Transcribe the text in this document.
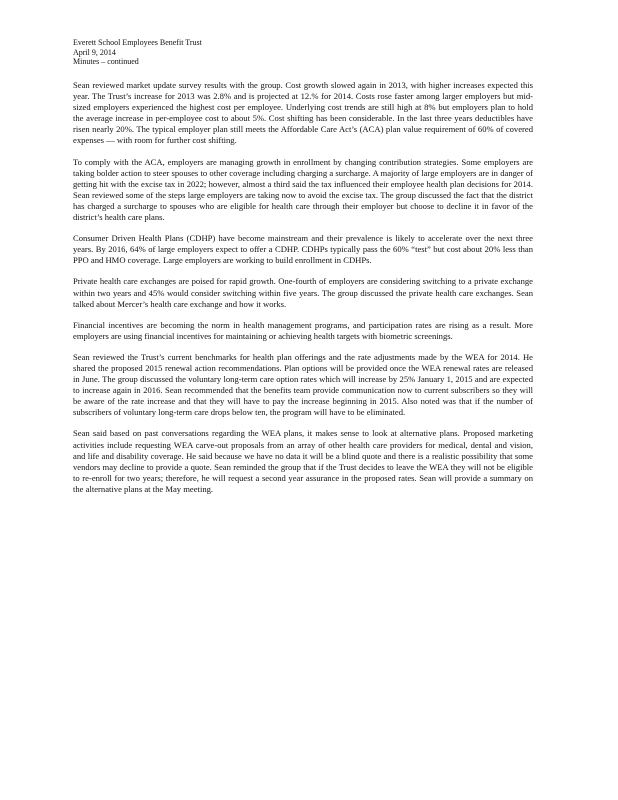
Everett School Employees Benefit Trust
April 9, 2014
Minutes – continued

Sean reviewed market update survey results with the group. Cost growth slowed again in 2013, with higher increases expected this year. The Trust’s increase for 2013 was 2.8% and is projected at 12.% for 2014. Costs rose faster among larger employers but mid-sized employers experienced the highest cost per employee. Underlying cost trends are still high at 8% but employers plan to hold the average increase in per-employee cost to about 5%. Cost shifting has been considerable. In the last three years deductibles have risen nearly 20%. The typical employer plan still meets the Affordable Care Act’s (ACA) plan value requirement of 60% of covered expenses — with room for further cost shifting.

To comply with the ACA, employers are managing growth in enrollment by changing contribution strategies. Some employers are taking bolder action to steer spouses to other coverage including charging a surcharge. A majority of large employers are in danger of getting hit with the excise tax in 2022; however, almost a third said the tax influenced their employee health plan decisions for 2014. Sean reviewed some of the steps large employers are taking now to avoid the excise tax. The group discussed the fact that the district has charged a surcharge to spouses who are eligible for health care through their employer but choose to decline it in favor of the district’s health care plans.

Consumer Driven Health Plans (CDHP) have become mainstream and their prevalence is likely to accelerate over the next three years. By 2016, 64% of large employers expect to offer a CDHP. CDHPs typically pass the 60% “test” but cost about 20% less than PPO and HMO coverage. Large employers are working to build enrollment in CDHPs.

Private health care exchanges are poised for rapid growth. One-fourth of employers are considering switching to a private exchange within two years and 45% would consider switching within five years. The group discussed the private health care exchanges. Sean talked about Mercer’s health care exchange and how it works.

Financial incentives are becoming the norm in health management programs, and participation rates are rising as a result. More employers are using financial incentives for maintaining or achieving health targets with biometric screenings.

Sean reviewed the Trust’s current benchmarks for health plan offerings and the rate adjustments made by the WEA for 2014. He shared the proposed 2015 renewal action recommendations. Plan options will be provided once the WEA renewal rates are released in June. The group discussed the voluntary long-term care option rates which will increase by 25% January 1, 2015 and are expected to increase again in 2016. Sean recommended that the benefits team provide communication now to current subscribers so they will be aware of the rate increase and that they will have to pay the increase beginning in 2015. Also noted was that if the number of subscribers of voluntary long-term care drops below ten, the program will have to be eliminated.

Sean said based on past conversations regarding the WEA plans, it makes sense to look at alternative plans. Proposed marketing activities include requesting WEA carve-out proposals from an array of other health care providers for medical, dental and vision, and life and disability coverage. He said because we have no data it will be a blind quote and there is a realistic possibility that some vendors may decline to provide a quote. Sean reminded the group that if the Trust decides to leave the WEA they will not be eligible to re-enroll for two years; therefore, he will request a second year assurance in the proposed rates. Sean will provide a summary on the alternative plans at the May meeting.
